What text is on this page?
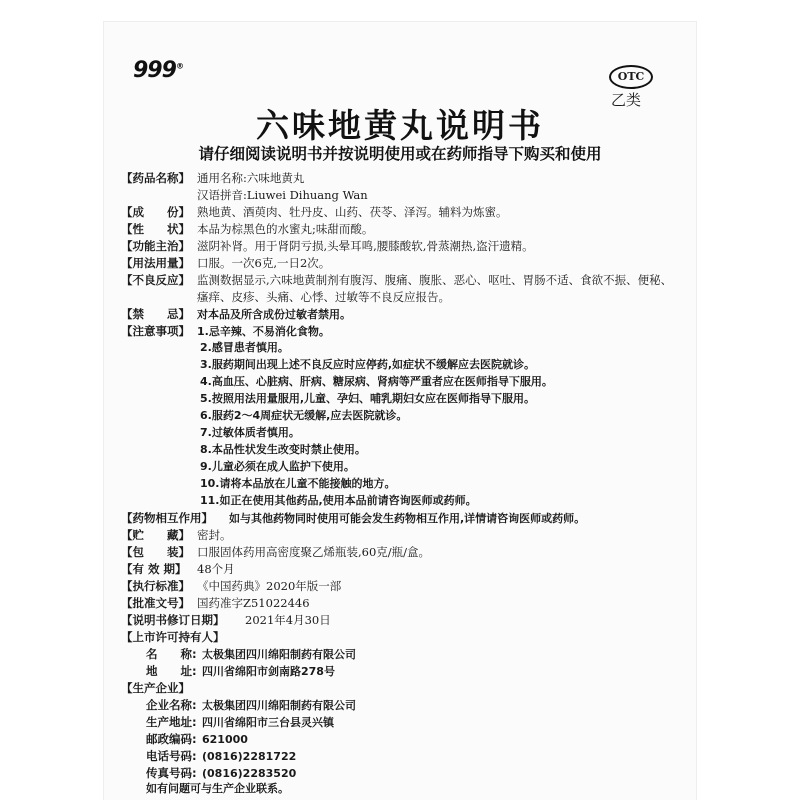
999®
OTC
乙类
六味地黄丸说明书
请仔细阅读说明书并按说明使用或在药师指导下购买和使用
【药品名称】 通用名称:六味地黄丸
汉语拼音:Liuwei Dihuang Wan
【成　　份】 熟地黄、酒萸肉、牡丹皮、山药、茯苓、泽泻。辅料为炼蜜。
【性　　状】 本品为棕黑色的水蜜丸;味甜而酸。
【功能主治】 滋阴补肾。用于肾阴亏损,头晕耳鸣,腰膝酸软,骨蒸潮热,盗汗遗精。
【用法用量】 口服。一次6克,一日2次。
【不良反应】 监测数据显示,六味地黄制剂有腹泻、腹痛、腹胀、恶心、呕吐、胃肠不适、食欲不振、便秘、
瘙痒、皮疹、头痛、心悸、过敏等不良反应报告。
【禁　　忌】 对本品及所含成份过敏者禁用。
【注意事项】 1.忌辛辣、不易消化食物。
2.感冒患者慎用。
3.服药期间出现上述不良反应时应停药,如症状不缓解应去医院就诊。
4.高血压、心脏病、肝病、糖尿病、肾病等严重者应在医师指导下服用。
5.按照用法用量服用,儿童、孕妇、哺乳期妇女应在医师指导下服用。
6.服药2～4周症状无缓解,应去医院就诊。
7.过敏体质者慎用。
8.本品性状发生改变时禁止使用。
9.儿童必须在成人监护下使用。
10.请将本品放在儿童不能接触的地方。
11.如正在使用其他药品,使用本品前请咨询医师或药师。
【药物相互作用】 如与其他药物同时使用可能会发生药物相互作用,详情请咨询医师或药师。
【贮　　藏】 密封。
【包　　装】 口服固体药用高密度聚乙烯瓶装,60克/瓶/盒。
【有 效 期】 48个月
【执行标准】 《中国药典》2020年版一部
【批准文号】 国药准字Z51022446
【说明书修订日期】 2021年4月30日
【上市许可持有人】
名　　称: 太极集团四川绵阳制药有限公司
地　　址: 四川省绵阳市剑南路278号
【生产企业】
企业名称: 太极集团四川绵阳制药有限公司
生产地址: 四川省绵阳市三台县灵兴镇
邮政编码: 621000
电话号码: (0816)2281722
传真号码: (0816)2283520
如有问题可与生产企业联系。
